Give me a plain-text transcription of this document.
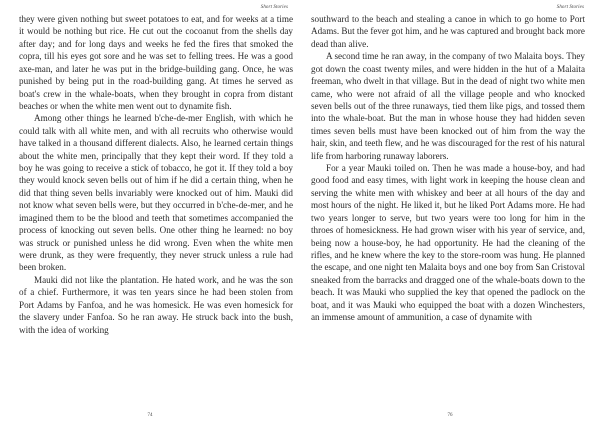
Short Stories

they were given nothing but sweet potatoes to eat, and for weeks at a time it would be nothing but rice. He cut out the cocoanut from the shells day after day; and for long days and weeks he fed the fires that smoked the copra, till his eyes got sore and he was set to felling trees. He was a good axe-man, and later he was put in the bridge-building gang. Once, he was punished by being put in the road-building gang. At times he served as boat's crew in the whale-boats, when they brought in copra from distant beaches or when the white men went out to dynamite fish.

Among other things he learned b'che-de-mer English, with which he could talk with all white men, and with all recruits who otherwise would have talked in a thousand different dialects. Also, he learned certain things about the white men, principally that they kept their word. If they told a boy he was going to receive a stick of tobacco, he got it. If they told a boy they would knock seven bells out of him if he did a certain thing, when he did that thing seven bells invariably were knocked out of him. Mauki did not know what seven bells were, but they occurred in b'che-de-mer, and he imagined them to be the blood and teeth that sometimes accompanied the process of knocking out seven bells. One other thing he learned: no boy was struck or punished unless he did wrong. Even when the white men were drunk, as they were frequently, they never struck unless a rule had been broken.

Mauki did not like the plantation. He hated work, and he was the son of a chief. Furthermore, it was ten years since he had been stolen from Port Adams by Fanfoa, and he was homesick. He was even homesick for the slavery under Fanfoa. So he ran away. He struck back into the bush, with the idea of working

74
Short Stories

southward to the beach and stealing a canoe in which to go home to Port Adams. But the fever got him, and he was captured and brought back more dead than alive.

A second time he ran away, in the company of two Malaita boys. They got down the coast twenty miles, and were hidden in the hut of a Malaita freeman, who dwelt in that village. But in the dead of night two white men came, who were not afraid of all the village people and who knocked seven bells out of the three runaways, tied them like pigs, and tossed them into the whale-boat. But the man in whose house they had hidden seven times seven bells must have been knocked out of him from the way the hair, skin, and teeth flew, and he was discouraged for the rest of his natural life from harboring runaway laborers.

For a year Mauki toiled on. Then he was made a house-boy, and had good food and easy times, with light work in keeping the house clean and serving the white men with whiskey and beer at all hours of the day and most hours of the night. He liked it, but he liked Port Adams more. He had two years longer to serve, but two years were too long for him in the throes of homesickness. He had grown wiser with his year of service, and, being now a house-boy, he had opportunity. He had the cleaning of the rifles, and he knew where the key to the store-room was hung. He planned the escape, and one night ten Malaita boys and one boy from San Cristoval sneaked from the barracks and dragged one of the whale-boats down to the beach. It was Mauki who supplied the key that opened the padlock on the boat, and it was Mauki who equipped the boat with a dozen Winchesters, an immense amount of ammunition, a case of dynamite with

76
